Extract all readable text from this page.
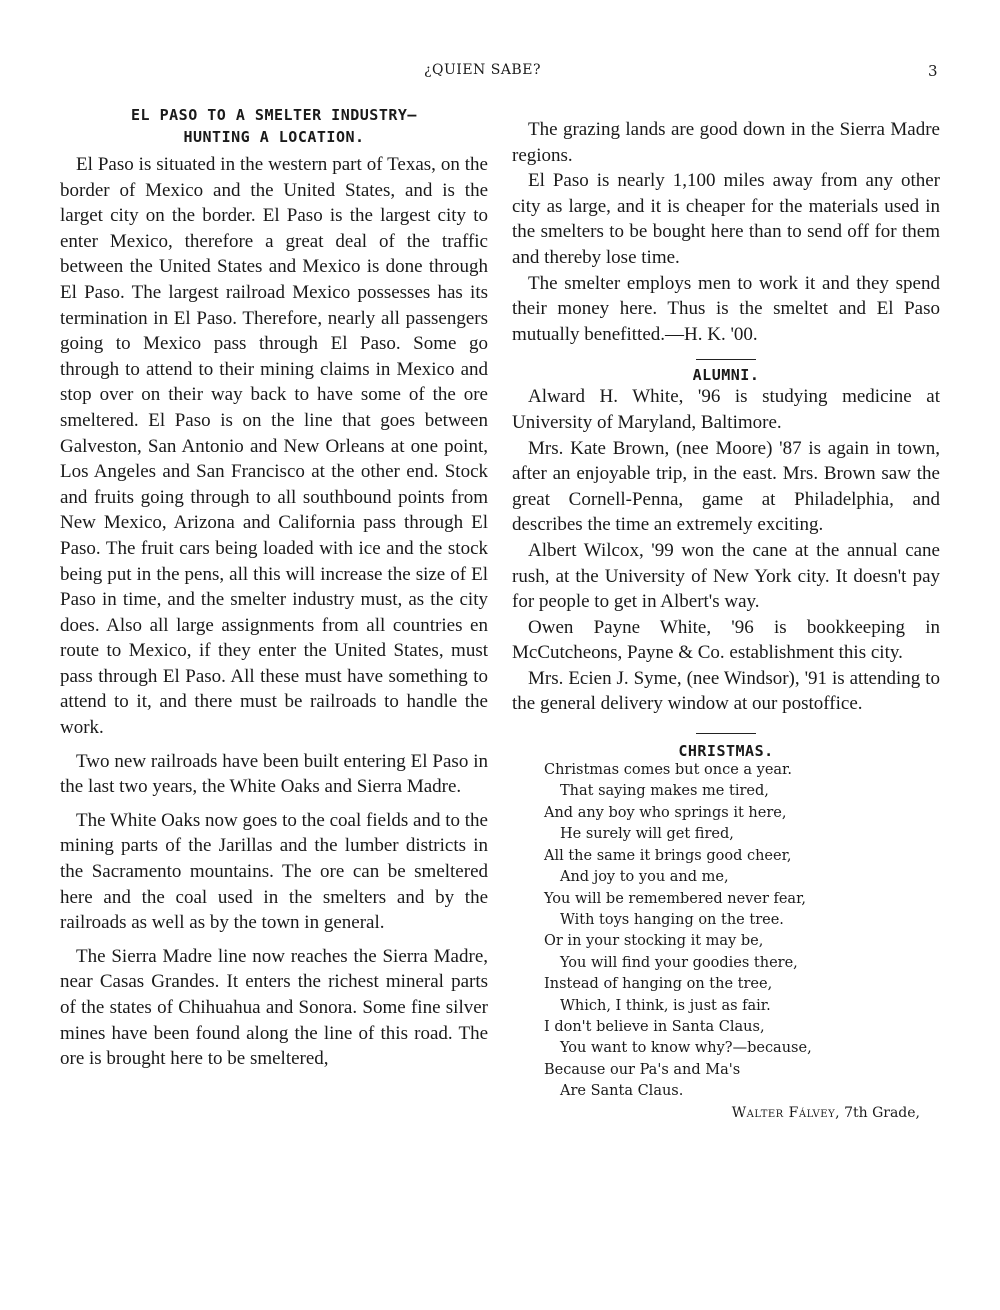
¿QUIEN SABE?	3
EL PASO TO A SMELTER INDUSTRY—
HUNTING A LOCATION.

El Paso is situated in the western part of Texas, on the border of Mexico and the United States, and is the larget city on the border. El Paso is the largest city to enter Mexico, therefore a great deal of the traffic between the United States and Mexico is done through El Paso. The largest railroad Mexico possesses has its termination in El Paso. Therefore, nearly all passengers going to Mexico pass through El Paso. Some go through to attend to their mining claims in Mexico and stop over on their way back to have some of the ore smeltered. El Paso is on the line that goes between Galveston, San Antonio and New Orleans at one point, Los Angeles and San Francisco at the other end. Stock and fruits going through to all southbound points from New Mexico, Arizona and California pass through El Paso. The fruit cars being loaded with ice and the stock being put in the pens, all this will increase the size of El Paso in time, and the smelter industry must, as the city does. Also all large assignments from all countries en route to Mexico, if they enter the United States, must pass through El Paso. All these must have something to attend to it, and there must be railroads to handle the work.

Two new railroads have been built entering El Paso in the last two years, the White Oaks and Sierra Madre.

The White Oaks now goes to the coal fields and to the mining parts of the Jarillas and the lumber districts in the Sacramento mountains. The ore can be smeltered here and the coal used in the smelters and by the railroads as well as by the town in general.

The Sierra Madre line now reaches the Sierra Madre, near Casas Grandes. It enters the richest mineral parts of the states of Chihuahua and Sonora. Some fine silver mines have been found along the line of this road. The ore is brought here to be smeltered,

The grazing lands are good down in the Sierra Madre regions.

El Paso is nearly 1,100 miles away from any other city as large, and it is cheaper for the materials used in the smelters to be bought here than to send off for them and thereby lose time.

The smelter employs men to work it and they spend their money here. Thus is the smeltet and El Paso mutually benefitted.—H. K. '00.

ALUMNI.

Alward H. White, '96 is studying medicine at University of Maryland, Baltimore.

Mrs. Kate Brown, (nee Moore) '87 is again in town, after an enjoyable trip, in the east. Mrs. Brown saw the great Cornell-Penna, game at Philadelphia, and describes the time an extremely exciting.

Albert Wilcox, '99 won the cane at the annual cane rush, at the University of New York city. It doesn't pay for people to get in Albert's way.

Owen Payne White, '96 is bookkeeping in McCutcheons, Payne & Co. establishment this city.

Mrs. Ecien J. Syme, (nee Windsor), '91 is attending to the general delivery window at our postoffice.

CHRISTMAS.
Christmas comes but once a year.
That saying makes me tired,
And any boy who springs it here,
He surely will get fired,
All the same it brings good cheer,
And joy to you and me,
You will be remembered never fear,
With toys hanging on the tree.
Or in your stocking it may be,
You will find your goodies there,
Instead of hanging on the tree,
Which, I think, is just as fair.
I don't believe in Santa Claus,
You want to know why?—because,
Because our Pa's and Ma's
Are Santa Claus.

Walter Fálvey, 7th Grade,
